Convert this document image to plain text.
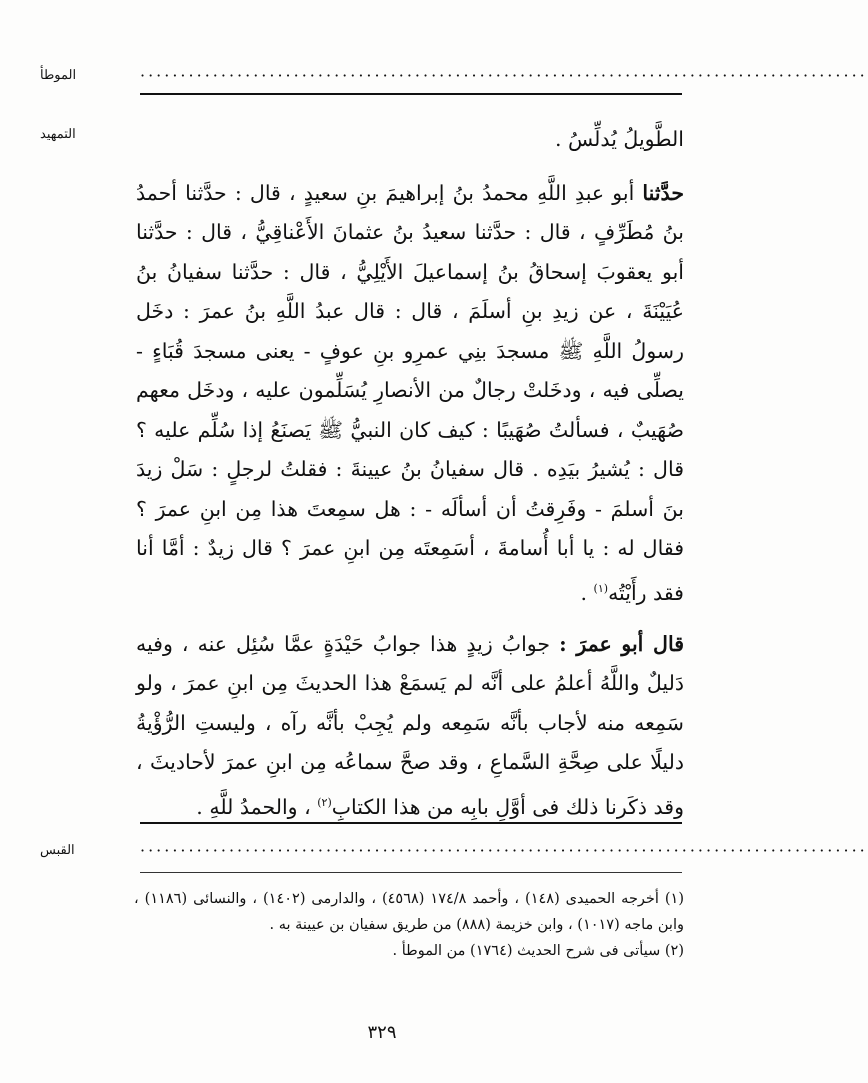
الموطأ	··························································································
التمهيد	الطَّويلُ يُدلِّسُ .

حدَّثنا أبو عبدِ اللَّهِ محمدُ بنُ إبراهيمَ بنِ سعيدٍ ، قال : حدَّثنا أحمدُ بنُ مُطَرِّفٍ ، قال : حدَّثنا سعيدُ بنُ عثمانَ الأَعْناقِيُّ ، قال : حدَّثنا أبو يعقوبَ إسحاقُ بنُ إسماعيلَ الأَيْلِيُّ ، قال : حدَّثنا سفيانُ بنُ عُيَيْنَةَ ، عن زيدِ بنِ أسلَمَ ، قال : قال عبدُ اللَّهِ بنُ عمرَ : دخَل رسولُ اللَّهِ ﷺ مسجدَ بنِي عمرِو بنِ عوفٍ - يعنى مسجدَ قُبَاءٍ - يصلِّى فيه ، ودخَلتْ رجالٌ من الأنصارِ يُسَلِّمون عليه ، ودخَل معهم صُهَيبٌ ، فسألتُ صُهَيبًا : كيف كان النبيُّ ﷺ يَصنَعُ إذا سُلِّم عليه ؟ قال : يُشيرُ بيَدِه . قال سفيانُ بنُ عيينةَ : فقلتُ لرجلٍ : سَلْ زيدَ بنَ أسلمَ - وفَرِقتُ أن أسألَه - : هل سمِعتَ هذا مِن ابنِ عمرَ ؟ فقال له : يا أبا أُسامةَ ، أسَمِعتَه مِن ابنِ عمرَ ؟ قال زيدٌ : أمَّا أنا فقد رأَيْتُه$^{(١)}$ .

قال أبو عمرَ : جوابُ زيدٍ هذا جوابُ حَيْدَةٍ عمَّا سُئِل عنه ، وفيه دَليلٌ واللَّهُ أعلمُ على أنَّه لم يَسمَعْ هذا الحديثَ مِن ابنِ عمرَ ، ولو سَمِعه منه لأجاب بأنَّه سَمِعه ولم يُجِبْ بأنَّه رآه ، وليستِ الرُّؤْيةُ دليلًا على صِحَّةِ السَّماعِ ، وقد صحَّ سماعُه مِن ابنِ عمرَ لأحاديثَ ، وقد ذكَرنا ذلك فى أوَّلِ بابِه من هذا الكتابِ$^{(٢)}$ ، والحمدُ للَّهِ .

القبس	··························································································

(١) أخرجه الحميدى (١٤٨) ، وأحمد ١٧٤/٨ (٤٥٦٨) ، والدارمى (١٤٠٢) ، والنسائى (١١٨٦) ، وابن ماجه (١٠١٧) ، وابن خزيمة (٨٨٨) من طريق سفيان بن عيينة به .

(٢) سيأتى فى شرح الحديث (١٧٦٤) من الموطأ .

٣٢٩
